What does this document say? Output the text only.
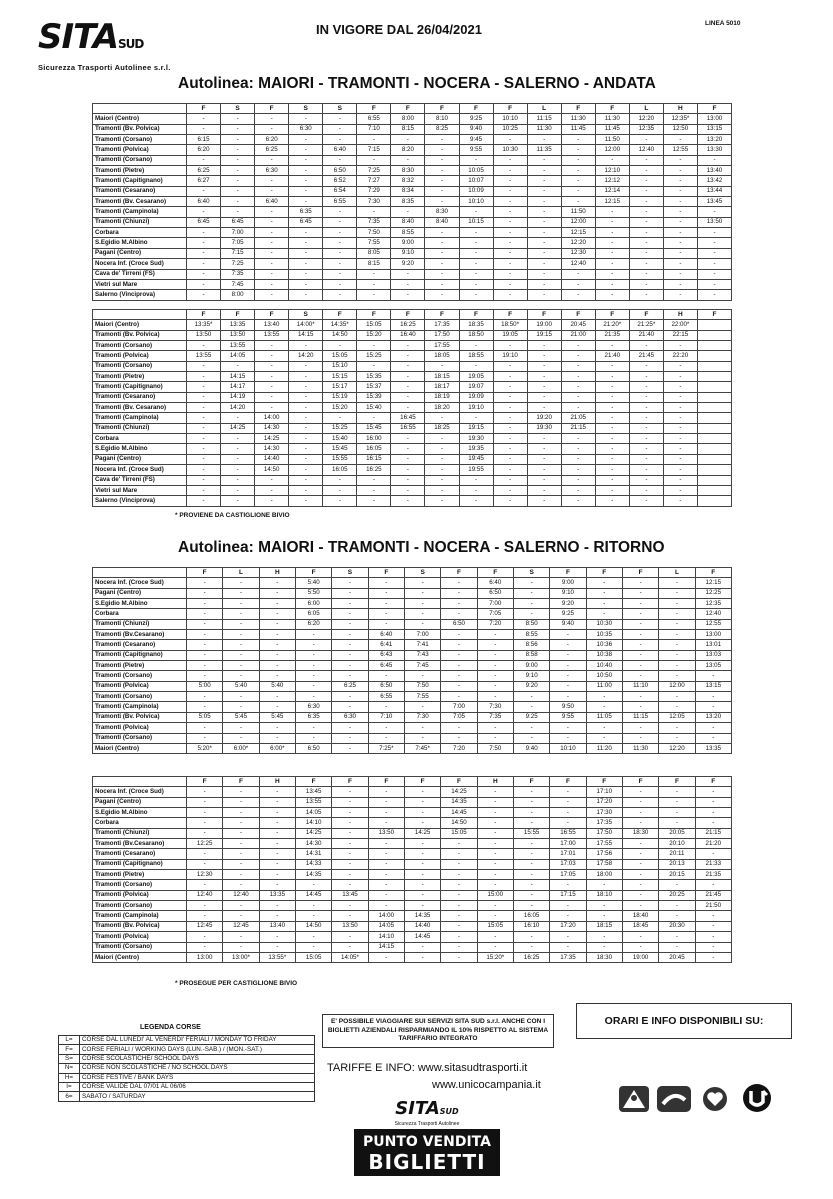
SITASUD
Sicurezza Trasporti Autolinee s.r.l.
IN VIGORE DAL 26/04/2021	LINEA 5010
Autolinea: MAIORI - TRAMONTI - NOCERA - SALERNO - ANDATA
	F	S	F	S	S	F	F	F	F	F	L	F	F	L	H	F
Maiori (Centro)	-	-	-	-	-	6:55	8:00	8:10	9:25	10:10	11:15	11:30	11:30	12:20	12:35*	13:00
Tramonti (Bv. Polvica)	-	-	-	6:30	-	7:10	8:15	8:25	9:40	10:25	11:30	11:45	11:45	12:35	12:50	13:15
Tramonti (Corsano)	6:15	-	6:20	-	-	-	-	-	9:45	-	-	-	11:50	-	-	13:20
Tramonti (Polvica)	6:20	-	6:25	-	6:40	7:15	8:20	-	9:55	10:30	11:35	-	12:00	12:40	12:55	13:30
Tramonti (Corsano)	-	-	-	-	-	-	-	-	-	-	-	-	-	-	-	-
Tramonti (Pietre)	6:25	-	6:30	-	6:50	7:25	8:30	-	10:05	-	-	-	12:10	-	-	13:40
Tramonti (Capitignano)	6:27	-	-	-	6:52	7:27	8:32	-	10:07	-	-	-	12:12	-	-	13:42
Tramonti (Cesarano)	-	-	-	-	6:54	7:29	8:34	-	10:09	-	-	-	12:14	-	-	13:44
Tramonti (Bv. Cesarano)	6:40	-	6:40	-	6:55	7:30	8:35	-	10:10	-	-	-	12:15	-	-	13:45
Tramonti (Campinola)	-	-	-	6:35	-	-	-	8:30	-	-	-	11:50	-	-	-	-
Tramonti (Chiunzi)	6:45	6:45	-	6:45	-	7:35	8:40	8:40	10:15	-	-	12:00	-	-	-	13:50
Corbara	-	7:00	-	-	-	7:50	8:55	-	-	-	-	12:15	-	-	-	-
S.Egidio M.Albino	-	7:05	-	-	-	7:55	9:00	-	-	-	-	12:20	-	-	-	-
Pagani (Centro)	-	7:15	-	-	-	8:05	9:10	-	-	-	-	12:30	-	-	-	-
Nocera Inf. (Croce Sud)	-	7:25	-	-	-	8:15	9:20	-	-	-	-	12:40	-	-	-	-
Cava de' Tirreni (FS)	-	7:35	-	-	-	-	-	-	-	-	-	-	-	-	-	-
Vietri sul Mare	-	7:45	-	-	-	-	-	-	-	-	-	-	-	-	-	-
Salerno (Vinciprova)	-	8:00	-	-	-	-	-	-	-	-	-	-	-	-	-	-
	F	F	F	S	F	F	F	F	F	F	F	F	F	F	H	F
Maiori (Centro)	13:35*	13:35	13:40	14:00*	14:35*	15:05	16:25	17:35	18:35	18:50*	19:00	20:45	21:20*	21:25*	22:00*	
Tramonti (Bv. Polvica)	13:50	13:50	13:55	14:15	14:50	15:20	16:40	17:50	18:50	19:05	19:15	21:00	21:35	21:40	22:15	
Tramonti (Corsano)	-	13:55	-	-	-	-	-	17:55	-	-	-	-	-	-	-	
Tramonti (Polvica)	13:55	14:05	-	14:20	15:05	15:25	-	18:05	18:55	19:10	-	-	21:40	21:45	22:20	
Tramonti (Corsano)	-	-	-	-	15:10	-	-	-	-	-	-	-	-	-	-	
Tramonti (Pietre)	-	14:15	-	-	15:15	15:35	-	18:15	19:05	-	-	-	-	-	-	
Tramonti (Capitignano)	-	14:17	-	-	15:17	15:37	-	18:17	19:07	-	-	-	-	-	-	
Tramonti (Cesarano)	-	14:19	-	-	15:19	15:39	-	18:19	19:09	-	-	-	-	-	-	
Tramonti (Bv. Cesarano)	-	14:20	-	-	15:20	15:40	-	18:20	19:10	-	-	-	-	-	-	
Tramonti (Campinola)	-	-	14:00	-	-	-	16:45	-	-	-	19:20	21:05	-	-	-	
Tramonti (Chiunzi)	-	14:25	14:30	-	15:25	15:45	16:55	18:25	19:15	-	19:30	21:15	-	-	-	
Corbara	-	-	14:25	-	15:40	16:00	-	-	19:30	-	-	-	-	-	-	
S.Egidio M.Albino	-	-	14:30	-	15:45	16:05	-	-	19:35	-	-	-	-	-	-	
Pagani (Centro)	-	-	14:40	-	15:55	16:15	-	-	19:45	-	-	-	-	-	-	
Nocera Inf. (Croce Sud)	-	-	14:50	-	16:05	16:25	-	-	19:55	-	-	-	-	-	-	
Cava de' Tirreni (FS)	-	-	-	-	-	-	-	-	-	-	-	-	-	-	-	
Vietri sul Mare	-	-	-	-	-	-	-	-	-	-	-	-	-	-	-	
Salerno (Vinciprova)	-	-	-	-	-	-	-	-	-	-	-	-	-	-	-	
* PROVIENE DA CASTIGLIONE BIVIO
Autolinea: MAIORI - TRAMONTI - NOCERA - SALERNO - RITORNO
	F	L	H	F	S	F	S	F	F	S	F	F	F	L	F
Nocera Inf. (Croce Sud)	-	-	-	5:40	-	-	-	-	6:40	-	9:00	-	-	-	12:15
Pagani (Centro)	-	-	-	5:50	-	-	-	-	6:50	-	9:10	-	-	-	12:25
S.Egidio M.Albino	-	-	-	6:00	-	-	-	-	7:00	-	9:20	-	-	-	12:35
Corbara	-	-	-	6:05	-	-	-	-	7:05	-	9:25	-	-	-	12:40
Tramonti (Chiunzi)	-	-	-	6:20	-	-	-	6:50	7:20	8:50	9:40	10:30	-	-	12:55
Tramonti (Bv.Cesarano)	-	-	-	-	-	6:40	7:00	-	-	8:55	-	10:35	-	-	13:00
Tramonti (Cesarano)	-	-	-	-	-	6:41	7:41	-	-	8:56	-	10:36	-	-	13:01
Tramonti (Capitignano)	-	-	-	-	-	6:43	7:43	-	-	8:58	-	10:38	-	-	13:03
Tramonti (Pietre)	-	-	-	-	-	6:45	7:45	-	-	9:00	-	10:40	-	-	13:05
Tramonti (Corsano)	-	-	-	-	-	-	-	-	-	9:10	-	10:50	-	-	-
Tramonti (Polvica)	5:00	5:40	5:40	-	6:25	6:50	7:50	-	-	9:20	-	11:00	11:10	12:00	13:15
Tramonti (Corsano)	-	-	-	-	-	6:55	7:55	-	-	-	-	-	-	-	-
Tramonti (Campinola)	-	-	-	6:30	-	-	-	7:00	7:30	-	9:50	-	-	-	-
Tramonti (Bv. Polvica)	5:05	5:45	5:45	6:35	6:30	7:10	7:30	7:05	7:35	9:25	9:55	11:05	11:15	12:05	13:20
Tramonti (Polvica)	-	-	-	-	-	-	-	-	-	-	-	-	-	-	-
Tramonti (Corsano)	-	-	-	-	-	-	-	-	-	-	-	-	-	-	-
Maiori (Centro)	5:20*	6:00*	6:00*	6:50	-	7:25*	7:45*	7:20	7:50	9:40	10:10	11:20	11:30	12:20	13:35
	F	F	H	F	F	F	F	F	H	F	F	F	F	F	F
Nocera Inf. (Croce Sud)	-	-	-	13:45	-	-	-	14:25	-	-	-	17:10	-	-	-
Pagani (Centro)	-	-	-	13:55	-	-	-	14:35	-	-	-	17:20	-	-	-
S.Egidio M.Albino	-	-	-	14:05	-	-	-	14:45	-	-	-	17:30	-	-	-
Corbara	-	-	-	14:10	-	-	-	14:50	-	-	-	17:35	-	-	-
Tramonti (Chiunzi)	-	-	-	14:25	-	13:50	14:25	15:05	-	15:55	16:55	17:50	18:30	20:05	21:15
Tramonti (Bv.Cesarano)	12:25	-	-	14:30	-	-	-	-	-	-	17:00	17:55	-	20:10	21:20
Tramonti (Cesarano)	-	-	-	14:31	-	-	-	-	-	-	17:01	17:56	-	20:11	-
Tramonti (Capitignano)	-	-	-	14:33	-	-	-	-	-	-	17:03	17:58	-	20:13	21:33
Tramonti (Pietre)	12:30	-	-	14:35	-	-	-	-	-	-	17:05	18:00	-	20:15	21:35
Tramonti (Corsano)	-	-	-	-	-	-	-	-	-	-	-	-	-	-	-
Tramonti (Polvica)	12:40	12:40	13:35	14:45	13:45	-	-	-	15:00	-	17:15	18:10	-	20:25	21:45
Tramonti (Corsano)	-	-	-	-	-	-	-	-	-	-	-	-	-	-	21:50
Tramonti (Campinola)	-	-	-	-	-	14:00	14:35	-	-	16:05	-	-	18:40	-	-
Tramonti (Bv. Polvica)	12:45	12:45	13:40	14:50	13:50	14:05	14:40	-	15:05	16:10	17:20	18:15	18:45	20:30	-
Tramonti (Polvica)	-	-	-	-	-	14:10	14:45	-	-	-	-	-	-	-	-
Tramonti (Corsano)	-	-	-	-	-	14:15	-	-	-	-	-	-	-	-	-
Maiori (Centro)	13:00	13:00*	13:55*	15:05	14:05*	-	-	-	15:20*	16:25	17:35	18:30	19:00	20:45	-
* PROSEGUE PER CASTIGLIONE BIVIO
LEGENDA CORSE
L=	CORSE DAL LUNEDI' AL VENERDI' FERIALI / MONDAY TO FRIDAY
F=	CORSE FERIALI / WORKING DAYS (LUN.-SAB.) / (MON.-SAT.)
S=	CORSE SCOLASTICHE/ SCHOOL DAYS
N=	CORSE NON SCOLASTICHE / NO SCHOOL DAYS
H=	CORSE FESTIVE / BANK DAYS
I=	CORSE VALIDE DAL 07/01 AL 06/06
6=	SABATO / SATURDAY
E' POSSIBILE VIAGGIARE SUI SERVIZI SITA SUD s.r.l. ANCHE CON I BIGLIETTI AZIENDALI RISPARMIANDO IL 10% RISPETTO AL SISTEMA TARIFFARIO INTEGRATO
TARIFFE E INFO: www.sitasudtrasporti.it
www.unicocampania.it
ORARI E INFO DISPONIBILI SU:
SITASUD
Sicurezza Trasporti Autolinee
PUNTO VENDITA
BIGLIETTI
